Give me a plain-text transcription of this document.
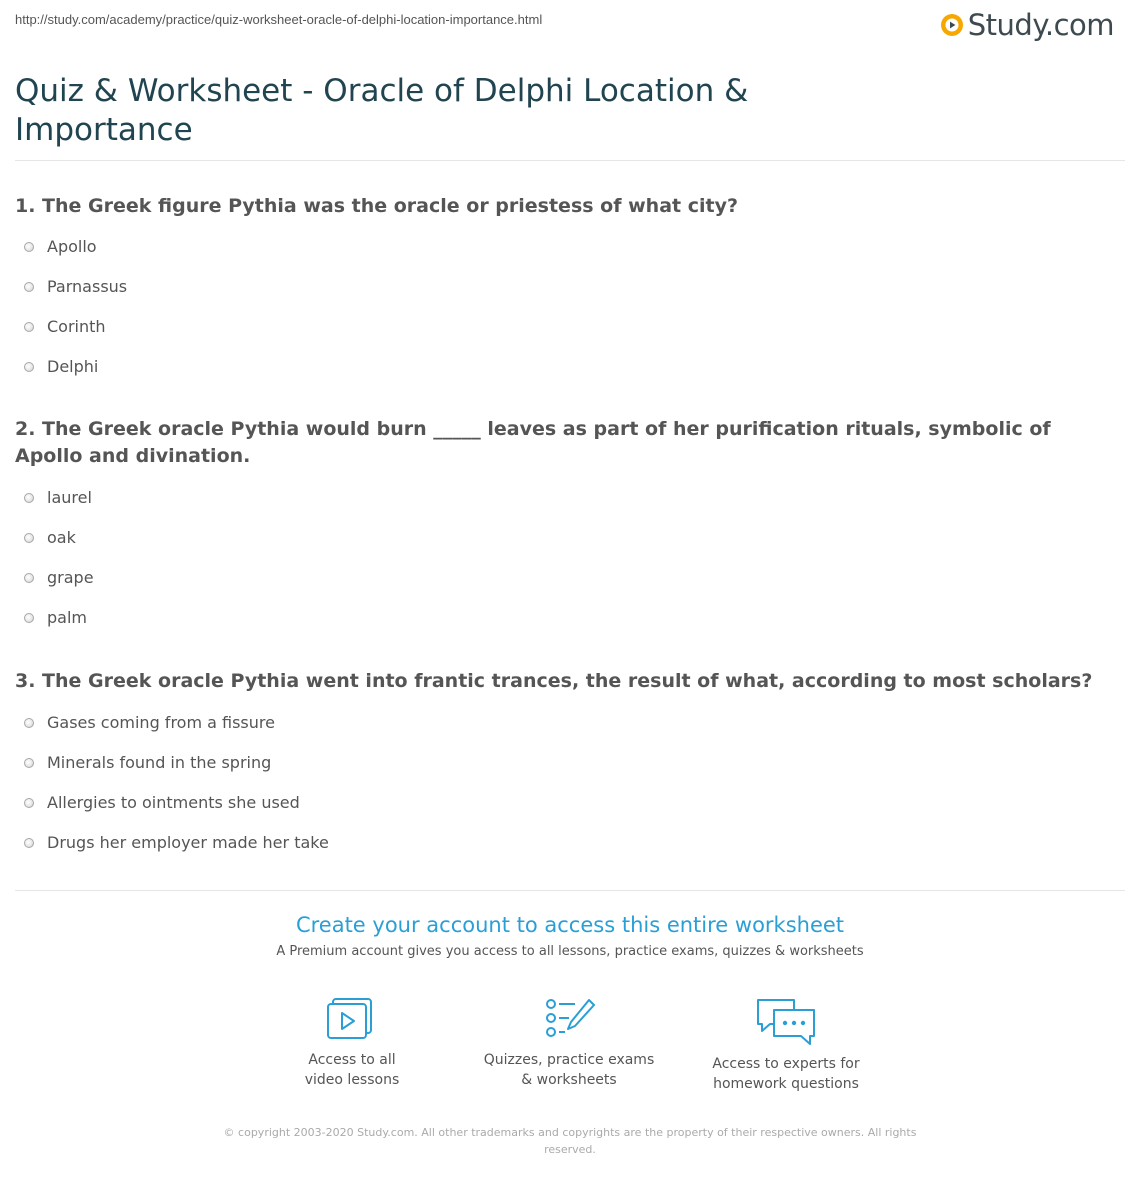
http://study.com/academy/practice/quiz-worksheet-oracle-of-delphi-location-importance.html	Study.com
Quiz & Worksheet - Oracle of Delphi Location & Importance

1. The Greek figure Pythia was the oracle or priestess of what city?

Apollo
Parnassus
Corinth
Delphi

2. The Greek oracle Pythia would burn _____ leaves as part of her purification rituals, symbolic of Apollo and divination.

laurel
oak
grape
palm

3. The Greek oracle Pythia went into frantic trances, the result of what, according to most scholars?

Gases coming from a fissure
Minerals found in the spring
Allergies to ointments she used
Drugs her employer made her take
Create your account to access this entire worksheet
A Premium account gives you access to all lessons, practice exams, quizzes & worksheets
Access to all
video lessons
Quizzes, practice exams
& worksheets
Access to experts for
homework questions
© copyright 2003-2020 Study.com. All other trademarks and copyrights are the property of their respective owners. All rights reserved.
